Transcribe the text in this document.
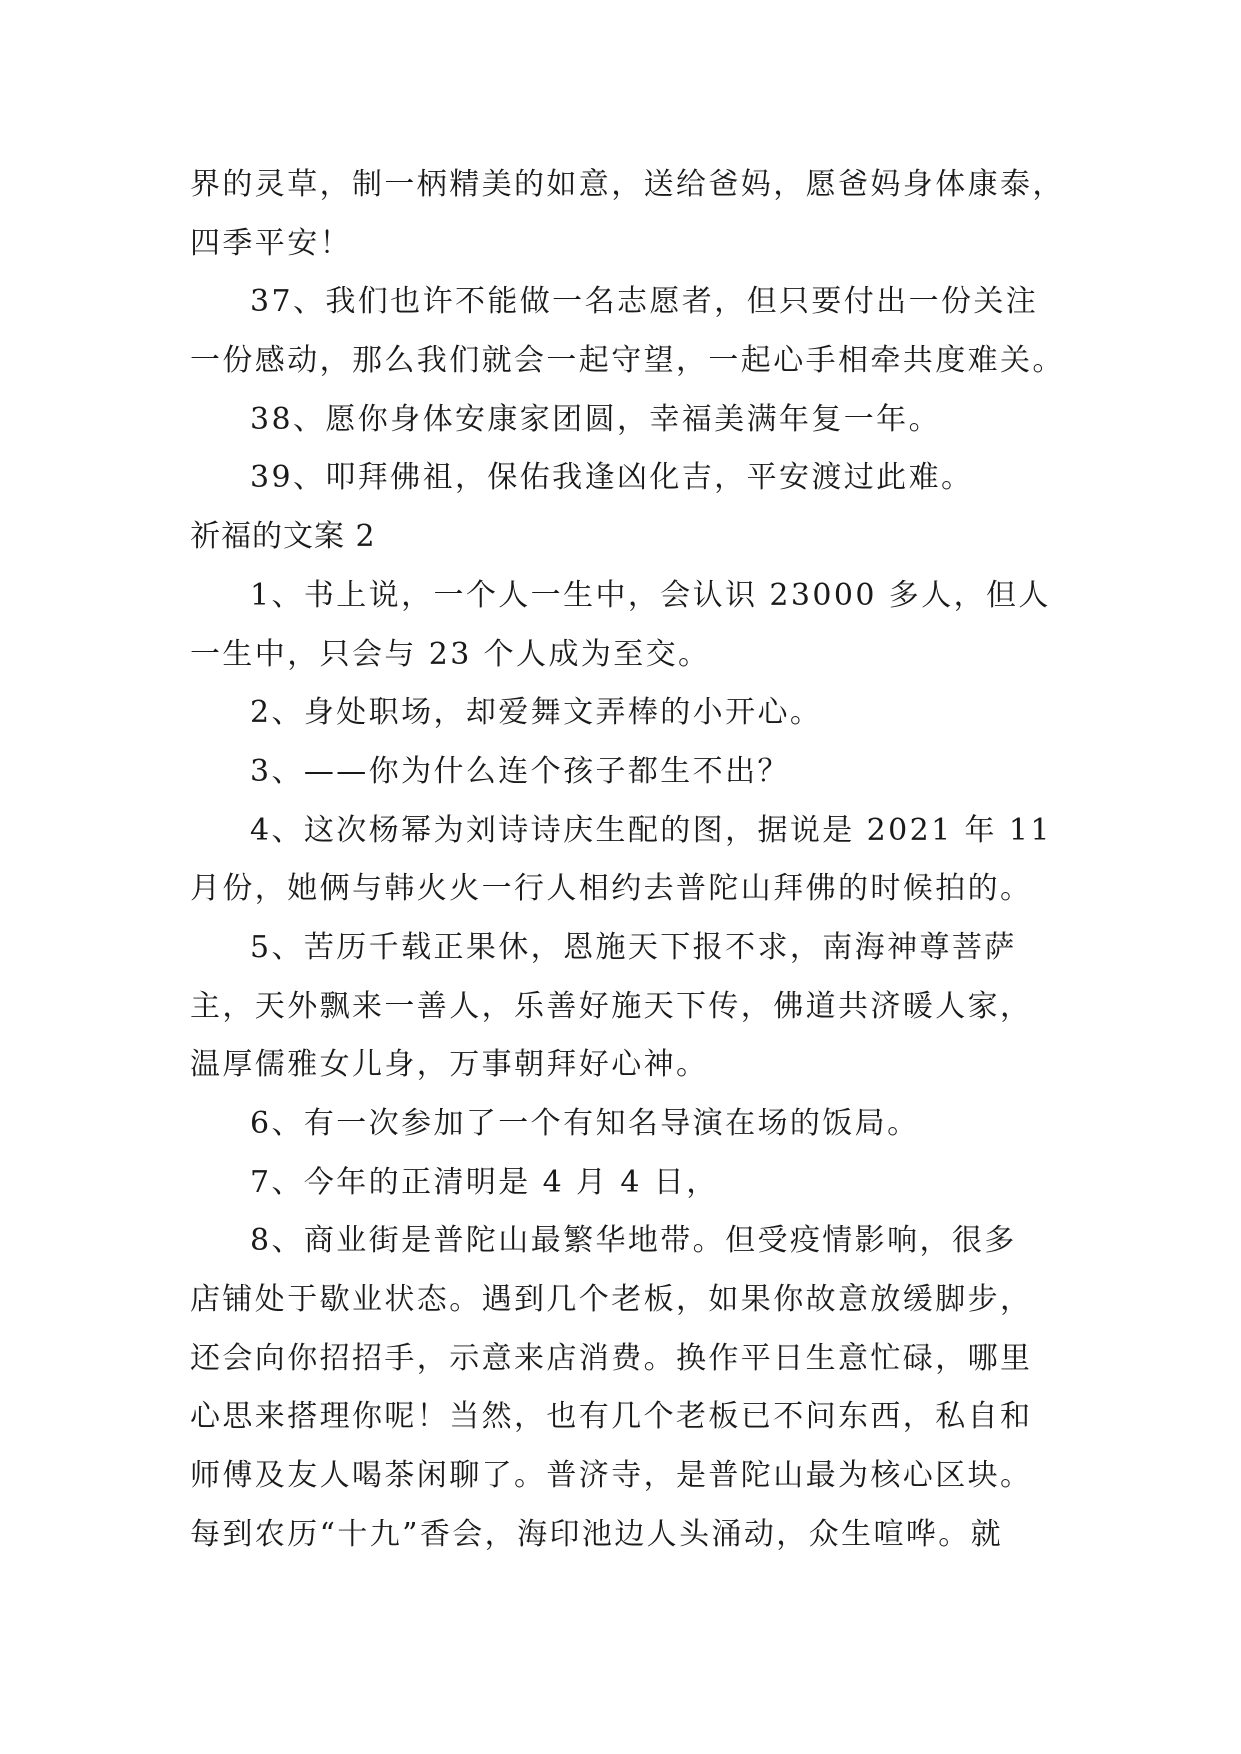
界的灵草，制一柄精美的如意，送给爸妈，愿爸妈身体康泰，
四季平安！
37、我们也许不能做一名志愿者，但只要付出一份关注
一份感动，那么我们就会一起守望，一起心手相牵共度难关。
38、愿你身体安康家团圆，幸福美满年复一年。
39、叩拜佛祖，保佑我逢凶化吉，平安渡过此难。
祈福的文案 2
1、书上说，一个人一生中，会认识 23000 多人，但人
一生中，只会与 23 个人成为至交。
2、身处职场，却爱舞文弄棒的小开心。
3、——你为什么连个孩子都生不出？
4、这次杨幂为刘诗诗庆生配的图，据说是 2021 年 11
月份，她俩与韩火火一行人相约去普陀山拜佛的时候拍的。
5、苦历千载正果休，恩施天下报不求，南海神尊菩萨
主，天外飘来一善人，乐善好施天下传，佛道共济暖人家，
温厚儒雅女儿身，万事朝拜好心神。
6、有一次参加了一个有知名导演在场的饭局。
7、今年的正清明是 4 月 4 日，
8、商业街是普陀山最繁华地带。但受疫情影响，很多
店铺处于歇业状态。遇到几个老板，如果你故意放缓脚步，
还会向你招招手，示意来店消费。换作平日生意忙碌，哪里
心思来搭理你呢！当然，也有几个老板已不问东西，私自和
师傅及友人喝茶闲聊了。普济寺，是普陀山最为核心区块。
每到农历“十九”香会，海印池边人头涌动，众生喧哗。就
